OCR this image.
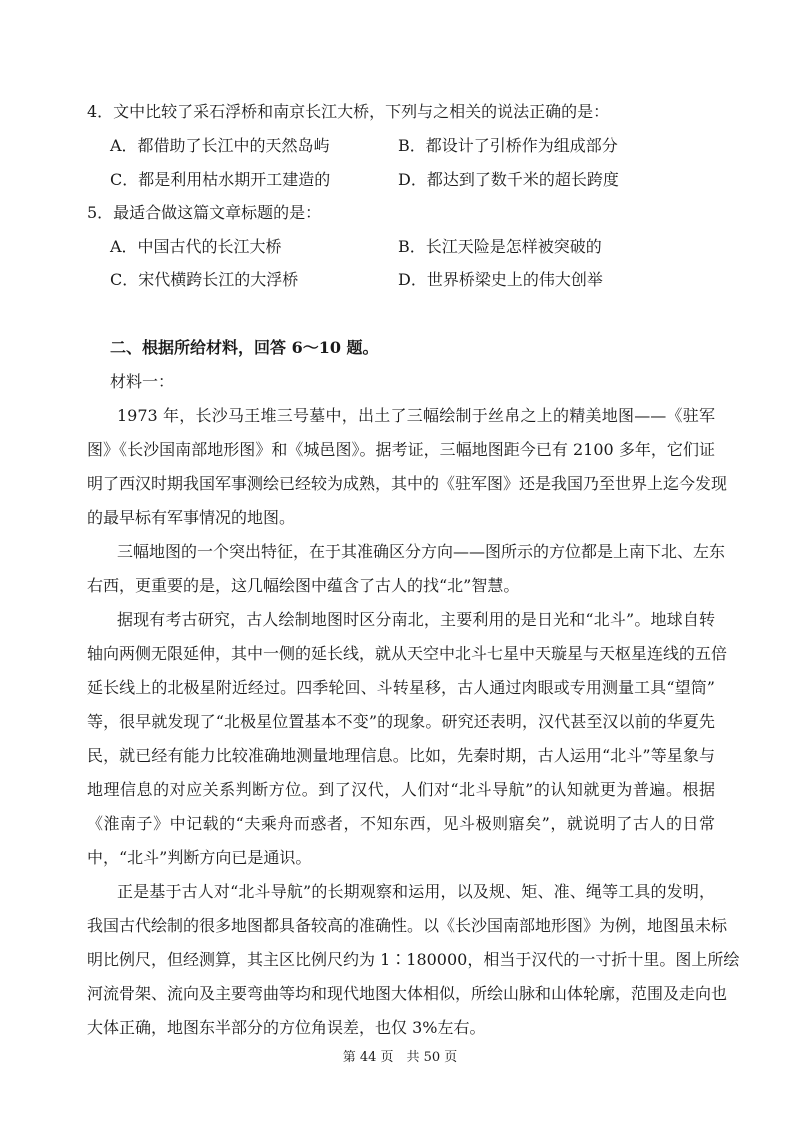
4．文中比较了采石浮桥和南京长江大桥，下列与之相关的说法正确的是：
A．都借助了长江中的天然岛屿	B．都设计了引桥作为组成部分
C．都是利用枯水期开工建造的	D．都达到了数千米的超长跨度
5．最适合做这篇文章标题的是：
A．中国古代的长江大桥	B．长江天险是怎样被突破的
C．宋代横跨长江的大浮桥	D．世界桥梁史上的伟大创举
二、根据所给材料，回答 6～10 题。
材料一：
1973 年，长沙马王堆三号墓中，出土了三幅绘制于丝帛之上的精美地图——《驻军
图》《长沙国南部地形图》和《城邑图》。据考证，三幅地图距今已有 2100 多年，它们证
明了西汉时期我国军事测绘已经较为成熟，其中的《驻军图》还是我国乃至世界上迄今发现
的最早标有军事情况的地图。
三幅地图的一个突出特征，在于其准确区分方向——图所示的方位都是上南下北、左东
右西，更重要的是，这几幅绘图中蕴含了古人的找“北”智慧。
据现有考古研究，古人绘制地图时区分南北，主要利用的是日光和“北斗”。地球自转
轴向两侧无限延伸，其中一侧的延长线，就从天空中北斗七星中天璇星与天枢星连线的五倍
延长线上的北极星附近经过。四季轮回、斗转星移，古人通过肉眼或专用测量工具“望筒”
等，很早就发现了“北极星位置基本不变”的现象。研究还表明，汉代甚至汉以前的华夏先
民，就已经有能力比较准确地测量地理信息。比如，先秦时期，古人运用“北斗”等星象与
地理信息的对应关系判断方位。到了汉代，人们对“北斗导航”的认知就更为普遍。根据
《淮南子》中记载的“夫乘舟而惑者，不知东西，见斗极则寤矣”，就说明了古人的日常
中，“北斗”判断方向已是通识。
正是基于古人对“北斗导航”的长期观察和运用，以及规、矩、准、绳等工具的发明，
我国古代绘制的很多地图都具备较高的准确性。以《长沙国南部地形图》为例，地图虽未标
明比例尺，但经测算，其主区比例尺约为 1∶180000，相当于汉代的一寸折十里。图上所绘
河流骨架、流向及主要弯曲等均和现代地图大体相似，所绘山脉和山体轮廓，范围及走向也
大体正确，地图东半部分的方位角误差，也仅 3%左右。
第 44 页　共 50 页
